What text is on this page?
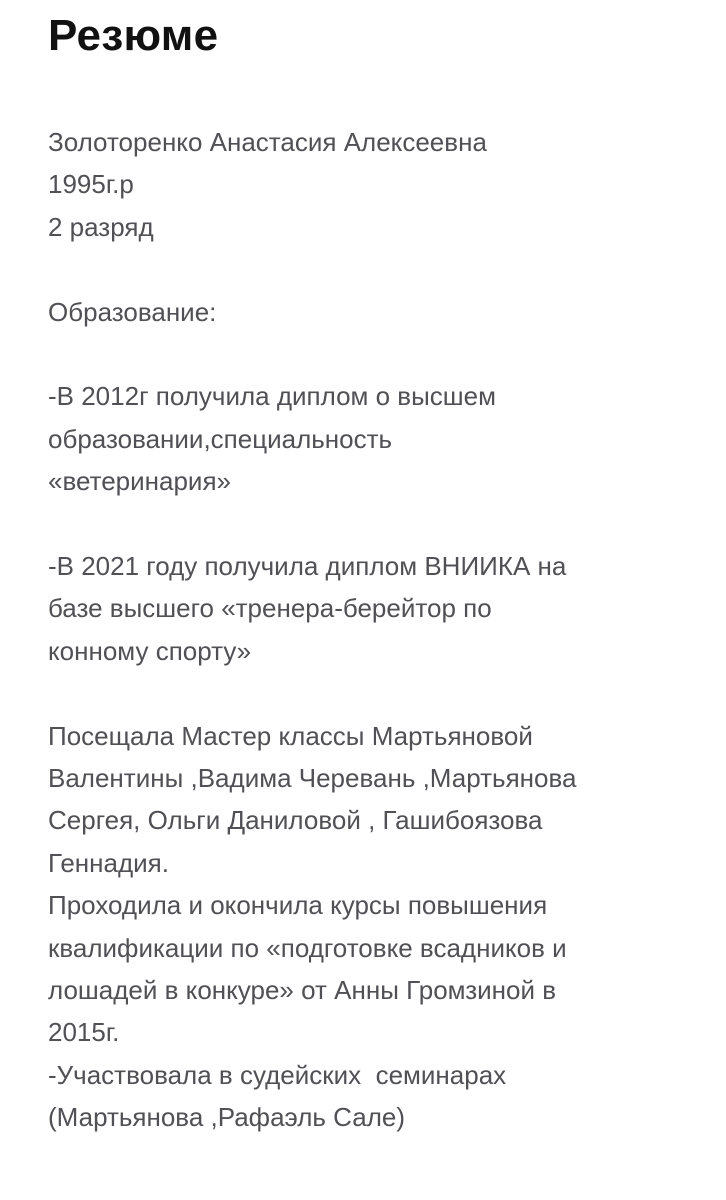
Резюме
Золоторенко Анастасия Алексеевна
1995г.р
2 разряд
Образование:
-В 2012г получила диплом о высшем
образовании,специальность
«ветеринария»
-В 2021 году получила диплом ВНИИКА на
базе высшего «тренера-берейтор по
конному спорту»
Посещала Мастер классы Мартьяновой
Валентины ,Вадима Черевань ,Мартьянова
Сергея, Ольги Даниловой , Гашибоязова
Геннадия.
Проходила и окончила курсы повышения
квалификации по «подготовке всадников и
лошадей в конкуре» от Анны Громзиной в
2015г.
-Участвовала в судейских  семинарах
(Мартьянова ,Рафаэль Сале)
